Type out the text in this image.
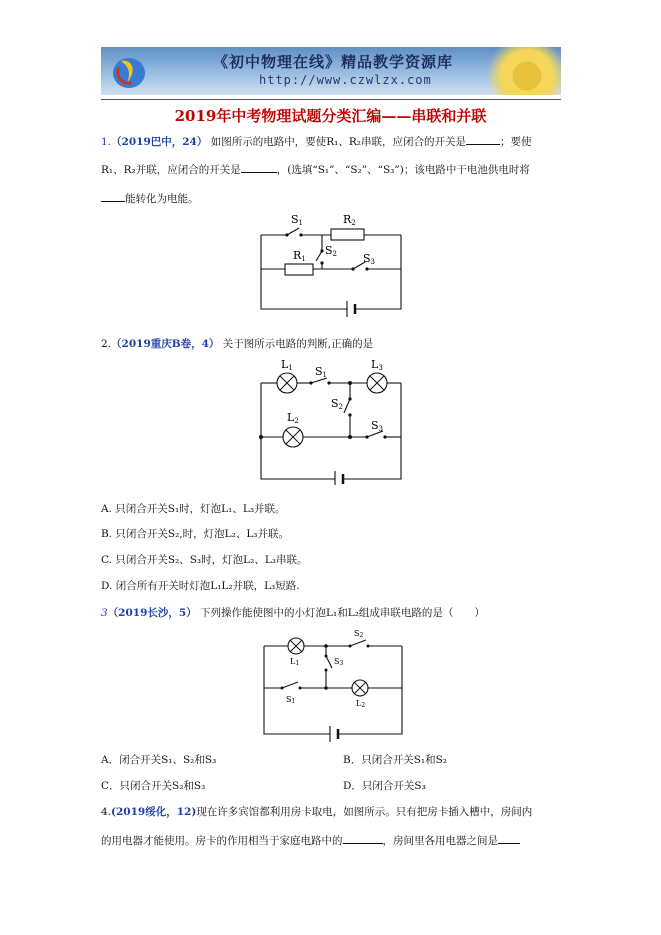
《初中物理在线》精品教学资源库
http://www.czwlzx.com
2019年中考物理试题分类汇编——串联和并联
1.（2019巴中，24） 如图所示的电路中，要使R₁、R₂串联，应闭合的开关是	；要使
R₁、R₂并联，应闭合的开关是	，(选填“S₁”、“S₂”、“S₃”)；该电路中干电池供电时将
能转化为电能。
S1	R2
R1
S2 S3
2.（2019重庆B卷，4） 关于图所示电路的判断,正确的是
L1 S1
L3
S2
L2	S3
A. 只闭合开关S₁时，灯泡L₁、L₃并联。
B. 只闭合开关S₂,时，灯泡L₂、L₃并联。
C. 只闭合开关S₂、S₃时，灯泡L₂、L₃串联。
D. 闭合所有开关时灯泡L₁L₂并联，L₃短路.
3（2019长沙，5） 下列操作能使图中的小灯泡L₁和L₂组成串联电路的是（　　）
L1
S2
S3
S1	L2
A．闭合开关S₁、S₂和S₃	B．只闭合开关S₁和S₂
C．只闭合开关S₂和S₃	D．只闭合开关S₃
4.(2019绥化，12)现在许多宾馆都利用房卡取电，如图所示。只有把房卡插入槽中，房间内
的用电器才能使用。房卡的作用相当于家庭电路中的	，房间里各用电器之间是
